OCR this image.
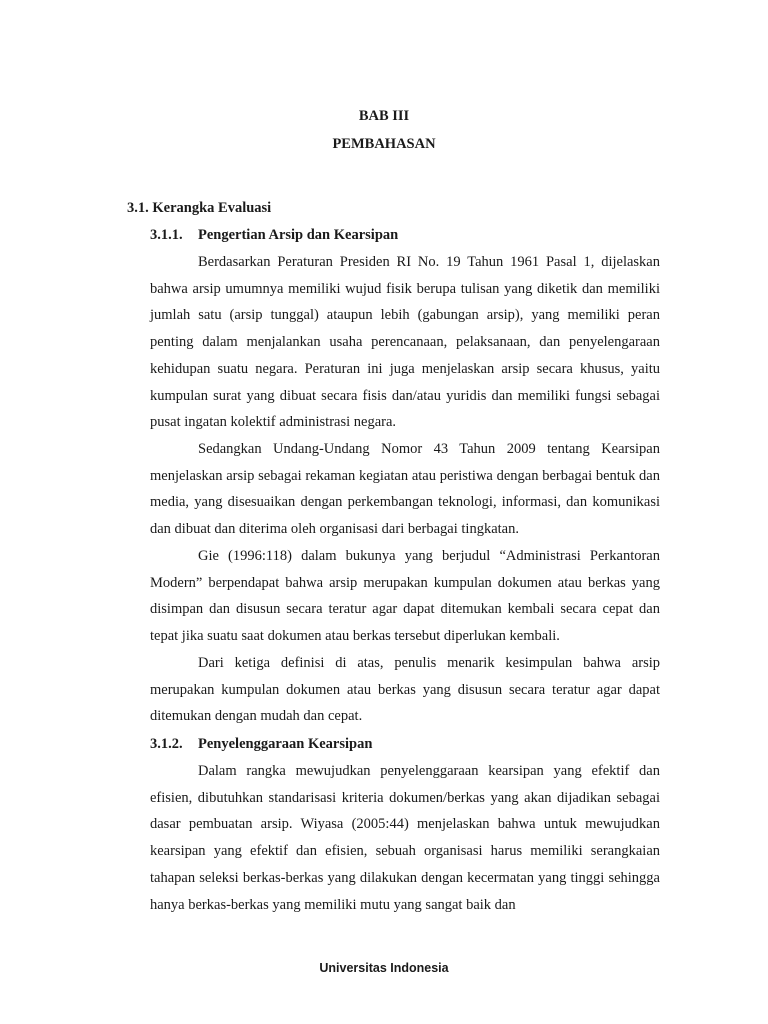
BAB III
PEMBAHASAN
3.1. Kerangka Evaluasi
3.1.1. Pengertian Arsip dan Kearsipan

Berdasarkan Peraturan Presiden RI No. 19 Tahun 1961 Pasal 1, dijelaskan bahwa arsip umumnya memiliki wujud fisik berupa tulisan yang diketik dan memiliki jumlah satu (arsip tunggal) ataupun lebih (gabungan arsip), yang memiliki peran penting dalam menjalankan usaha perencanaan, pelaksanaan, dan penyelengaraan kehidupan suatu negara. Peraturan ini juga menjelaskan arsip secara khusus, yaitu kumpulan surat yang dibuat secara fisis dan/atau yuridis dan memiliki fungsi sebagai pusat ingatan kolektif administrasi negara.

Sedangkan Undang-Undang Nomor 43 Tahun 2009 tentang Kearsipan menjelaskan arsip sebagai rekaman kegiatan atau peristiwa dengan berbagai bentuk dan media, yang disesuaikan dengan perkembangan teknologi, informasi, dan komunikasi dan dibuat dan diterima oleh organisasi dari berbagai tingkatan.

Gie (1996:118) dalam bukunya yang berjudul “Administrasi Perkantoran Modern” berpendapat bahwa arsip merupakan kumpulan dokumen atau berkas yang disimpan dan disusun secara teratur agar dapat ditemukan kembali secara cepat dan tepat jika suatu saat dokumen atau berkas tersebut diperlukan kembali.

Dari ketiga definisi di atas, penulis menarik kesimpulan bahwa arsip merupakan kumpulan dokumen atau berkas yang disusun secara teratur agar dapat ditemukan dengan mudah dan cepat.

3.1.2. Penyelenggaraan Kearsipan

Dalam rangka mewujudkan penyelenggaraan kearsipan yang efektif dan efisien, dibutuhkan standarisasi kriteria dokumen/berkas yang akan dijadikan sebagai dasar pembuatan arsip. Wiyasa (2005:44) menjelaskan bahwa untuk mewujudkan kearsipan yang efektif dan efisien, sebuah organisasi harus memiliki serangkaian tahapan seleksi berkas-berkas yang dilakukan dengan kecermatan yang tinggi sehingga hanya berkas-berkas yang memiliki mutu yang sangat baik dan

Universitas Indonesia
